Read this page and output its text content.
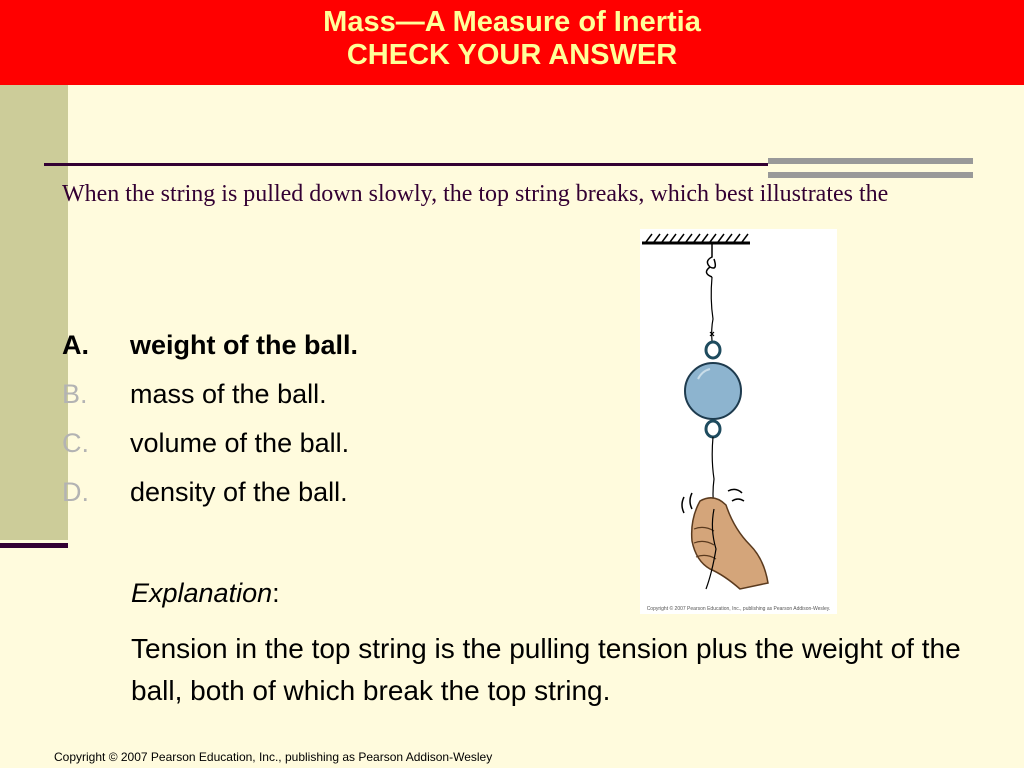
Mass—A Measure of Inertia
CHECK YOUR ANSWER
When the string is pulled down slowly, the top string breaks, which best illustrates the
A. weight of the ball.
B. mass of the ball.
C. volume of the ball.
D. density of the ball.
Explanation:
Tension in the top string is the pulling tension plus the weight of the ball, both of which break the top string.
Copyright © 2007 Pearson Education, Inc., publishing as Pearson Addison-Wesley.
Copyright © 2007 Pearson Education, Inc., publishing as Pearson Addison-Wesley
